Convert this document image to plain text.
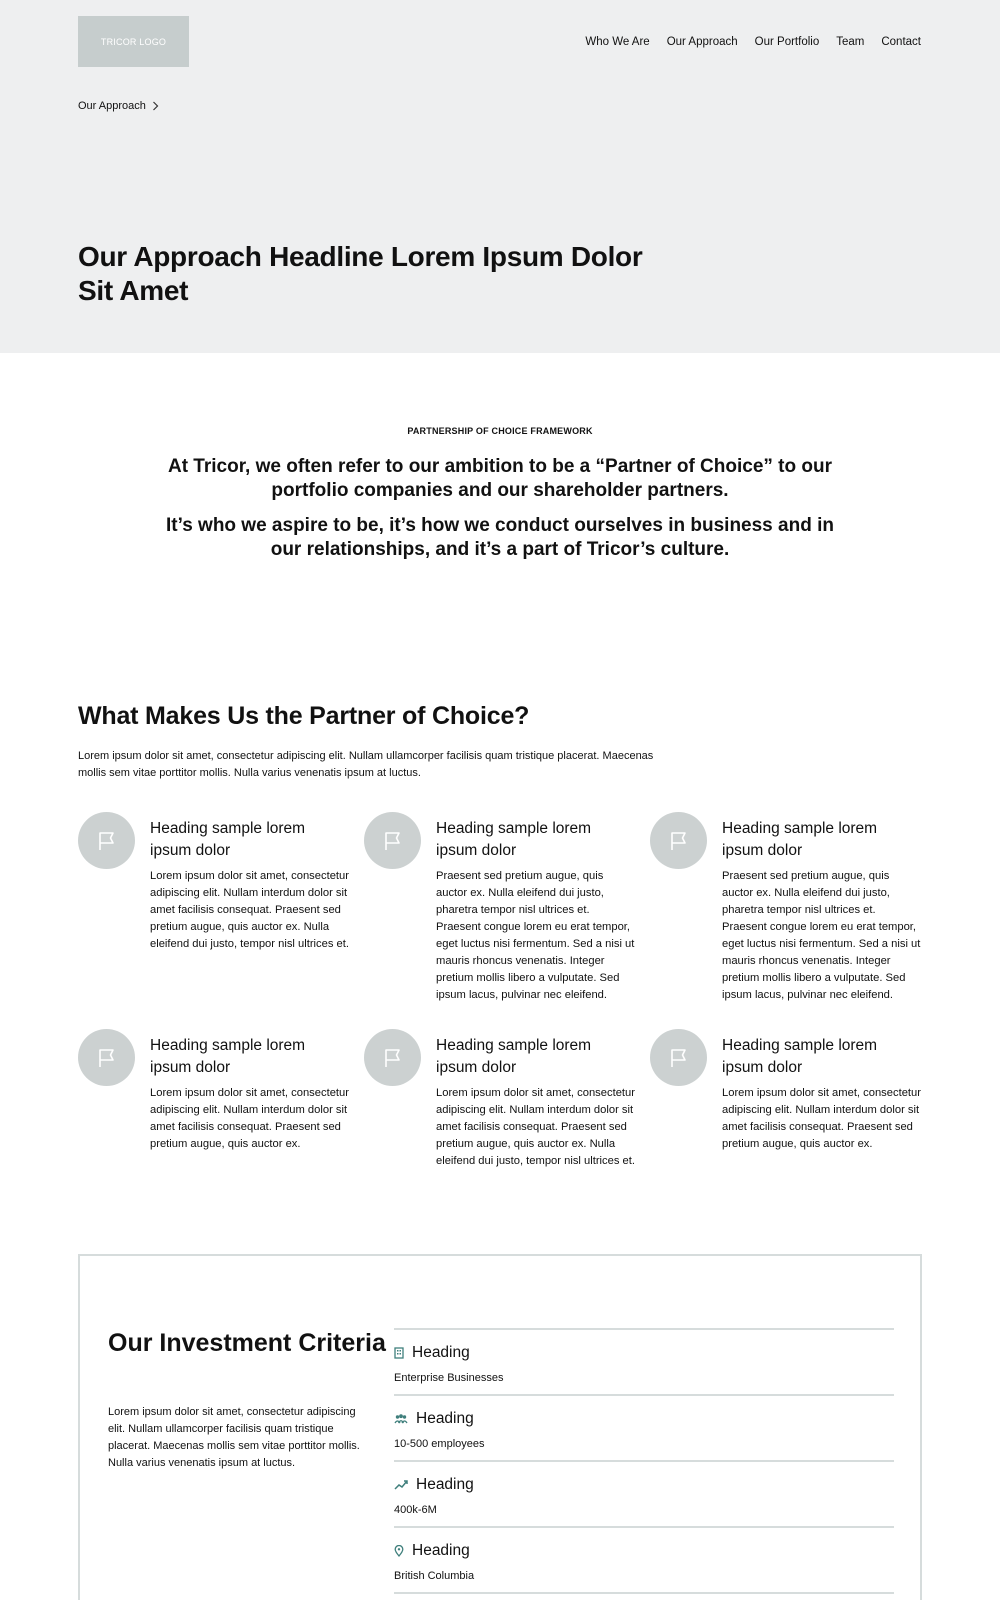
TRICOR LOGO	Who We Are Our Approach Our Portfolio Team Contact
Our Approach
Our Approach Headline Lorem Ipsum Dolor Sit Amet
PARTNERSHIP OF CHOICE FRAMEWORK

At Tricor, we often refer to our ambition to be a “Partner of Choice” to our portfolio companies and our shareholder partners.

It’s who we aspire to be, it’s how we conduct ourselves in business and in our relationships, and it’s a part of Tricor’s culture.

What Makes Us the Partner of Choice?

Lorem ipsum dolor sit amet, consectetur adipiscing elit. Nullam ullamcorper facilisis quam tristique placerat. Maecenas mollis sem vitae porttitor mollis. Nulla varius venenatis ipsum at luctus.

Heading sample lorem ipsum dolor

Lorem ipsum dolor sit amet, consectetur adipiscing elit. Nullam interdum dolor sit amet facilisis consequat. Praesent sed pretium augue, quis auctor ex. Nulla eleifend dui justo, tempor nisl ultrices et.

Heading sample lorem ipsum dolor

Praesent sed pretium augue, quis auctor ex. Nulla eleifend dui justo, pharetra tempor nisl ultrices et. Praesent congue lorem eu erat tempor, eget luctus nisi fermentum. Sed a nisi ut mauris rhoncus venenatis. Integer pretium mollis libero a vulputate. Sed ipsum lacus, pulvinar nec eleifend.

Heading sample lorem ipsum dolor

Praesent sed pretium augue, quis auctor ex. Nulla eleifend dui justo, pharetra tempor nisl ultrices et. Praesent congue lorem eu erat tempor, eget luctus nisi fermentum. Sed a nisi ut mauris rhoncus venenatis. Integer pretium mollis libero a vulputate. Sed ipsum lacus, pulvinar nec eleifend.

Heading sample lorem ipsum dolor

Lorem ipsum dolor sit amet, consectetur adipiscing elit. Nullam interdum dolor sit amet facilisis consequat. Praesent sed pretium augue, quis auctor ex.

Heading sample lorem ipsum dolor

Lorem ipsum dolor sit amet, consectetur adipiscing elit. Nullam interdum dolor sit amet facilisis consequat. Praesent sed pretium augue, quis auctor ex. Nulla eleifend dui justo, tempor nisl ultrices et.

Heading sample lorem ipsum dolor

Lorem ipsum dolor sit amet, consectetur adipiscing elit. Nullam interdum dolor sit amet facilisis consequat. Praesent sed pretium augue, quis auctor ex.

Our Investment Criteria

Lorem ipsum dolor sit amet, consectetur adipiscing elit. Nullam ullamcorper facilisis quam tristique placerat. Maecenas mollis sem vitae porttitor mollis. Nulla varius venenatis ipsum at luctus.

Heading
Enterprise Businesses
Heading
10-500 employees
Heading
400k-6M
Heading
British Columbia
